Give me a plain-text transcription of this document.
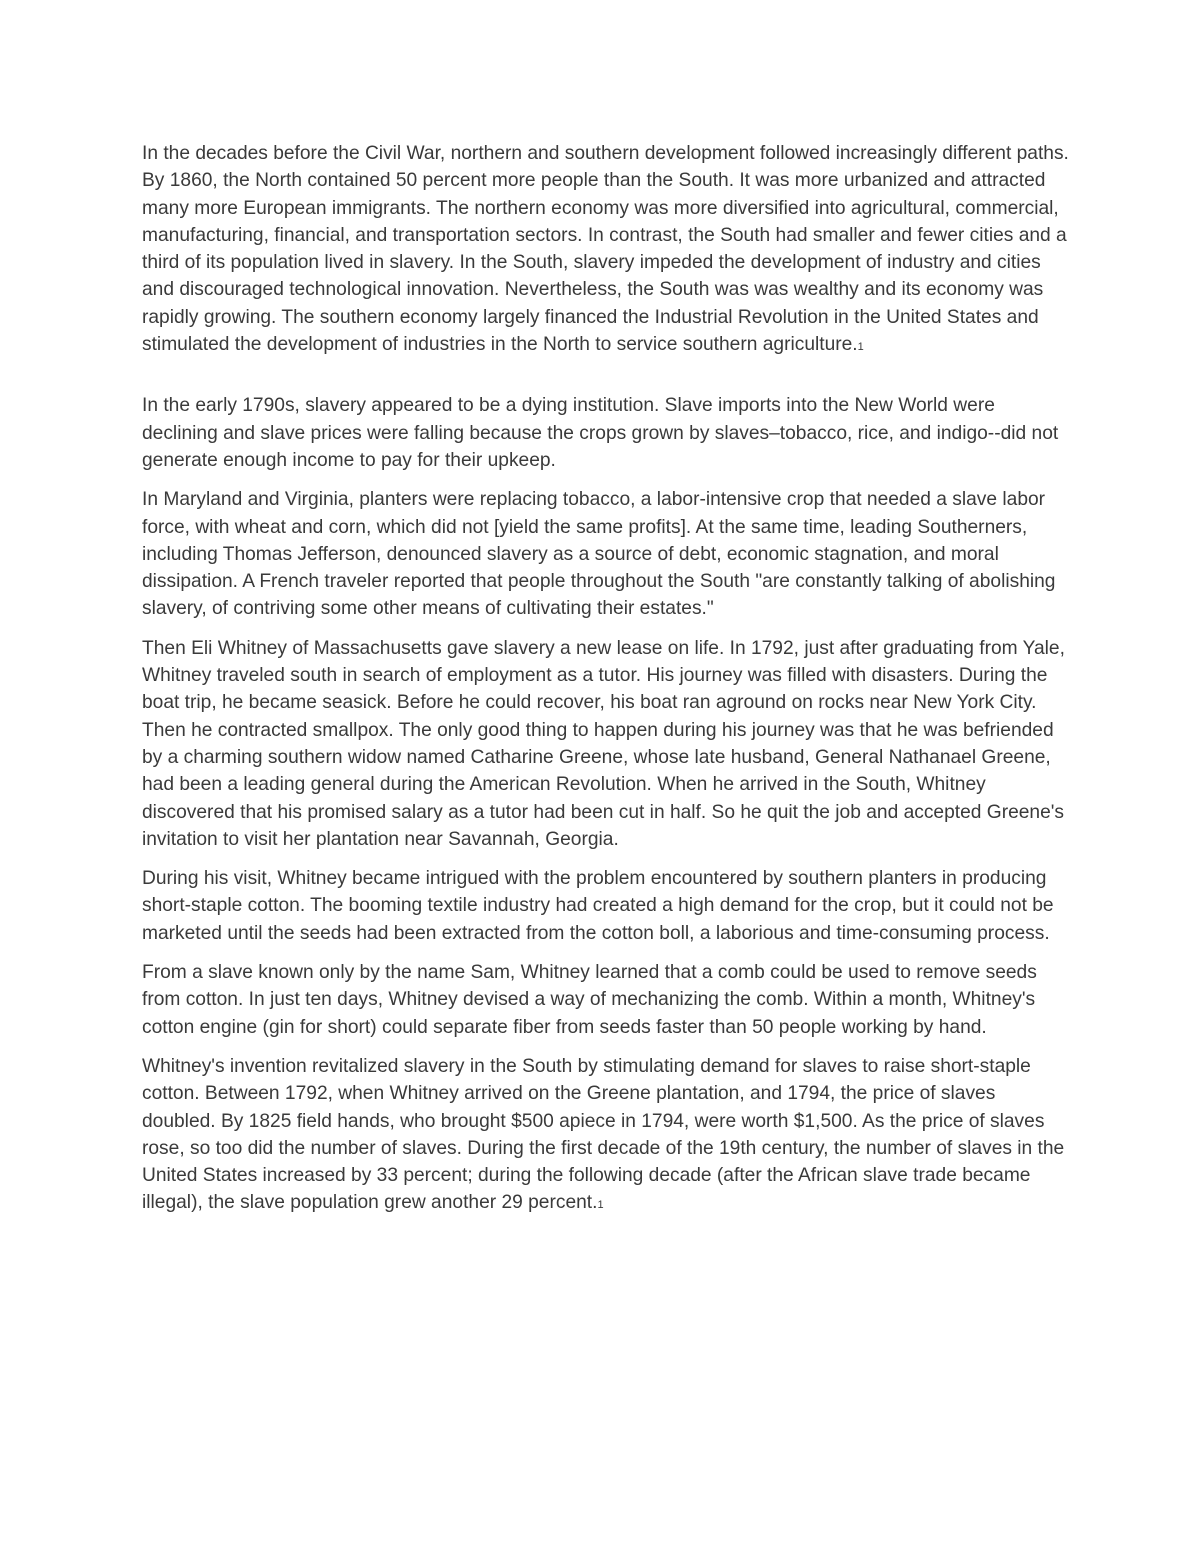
In the decades before the Civil War, northern and southern development followed increasingly different paths. By 1860, the North contained 50 percent more people than the South. It was more urbanized and attracted many more European immigrants. The northern economy was more diversified into agricultural, commercial, manufacturing, financial, and transportation sectors. In contrast, the South had smaller and fewer cities and a third of its population lived in slavery. In the South, slavery impeded the development of industry and cities and discouraged technological innovation. Nevertheless, the South was was wealthy and its economy was rapidly growing. The southern economy largely financed the Industrial Revolution in the United States and stimulated the development of industries in the North to service southern agriculture.1

In the early 1790s, slavery appeared to be a dying institution. Slave imports into the New World were declining and slave prices were falling because the crops grown by slaves–tobacco, rice, and indigo--did not generate enough income to pay for their upkeep.

In Maryland and Virginia, planters were replacing tobacco, a labor-intensive crop that needed a slave labor force, with wheat and corn, which did not [yield the same profits]. At the same time, leading Southerners, including Thomas Jefferson, denounced slavery as a source of debt, economic stagnation, and moral dissipation. A French traveler reported that people throughout the South "are constantly talking of abolishing slavery, of contriving some other means of cultivating their estates."

Then Eli Whitney of Massachusetts gave slavery a new lease on life. In 1792, just after graduating from Yale, Whitney traveled south in search of employment as a tutor. His journey was filled with disasters. During the boat trip, he became seasick. Before he could recover, his boat ran aground on rocks near New York City. Then he contracted smallpox. The only good thing to happen during his journey was that he was befriended by a charming southern widow named Catharine Greene, whose late husband, General Nathanael Greene, had been a leading general during the American Revolution. When he arrived in the South, Whitney discovered that his promised salary as a tutor had been cut in half. So he quit the job and accepted Greene's invitation to visit her plantation near Savannah, Georgia.

During his visit, Whitney became intrigued with the problem encountered by southern planters in producing short-staple cotton. The booming textile industry had created a high demand for the crop, but it could not be marketed until the seeds had been extracted from the cotton boll, a laborious and time-consuming process.

From a slave known only by the name Sam, Whitney learned that a comb could be used to remove seeds from cotton. In just ten days, Whitney devised a way of mechanizing the comb. Within a month, Whitney's cotton engine (gin for short) could separate fiber from seeds faster than 50 people working by hand.

Whitney's invention revitalized slavery in the South by stimulating demand for slaves to raise short-staple cotton. Between 1792, when Whitney arrived on the Greene plantation, and 1794, the price of slaves doubled. By 1825 field hands, who brought $500 apiece in 1794, were worth $1,500. As the price of slaves rose, so too did the number of slaves. During the first decade of the 19th century, the number of slaves in the United States increased by 33 percent; during the following decade (after the African slave trade became illegal), the slave population grew another 29 percent.1
